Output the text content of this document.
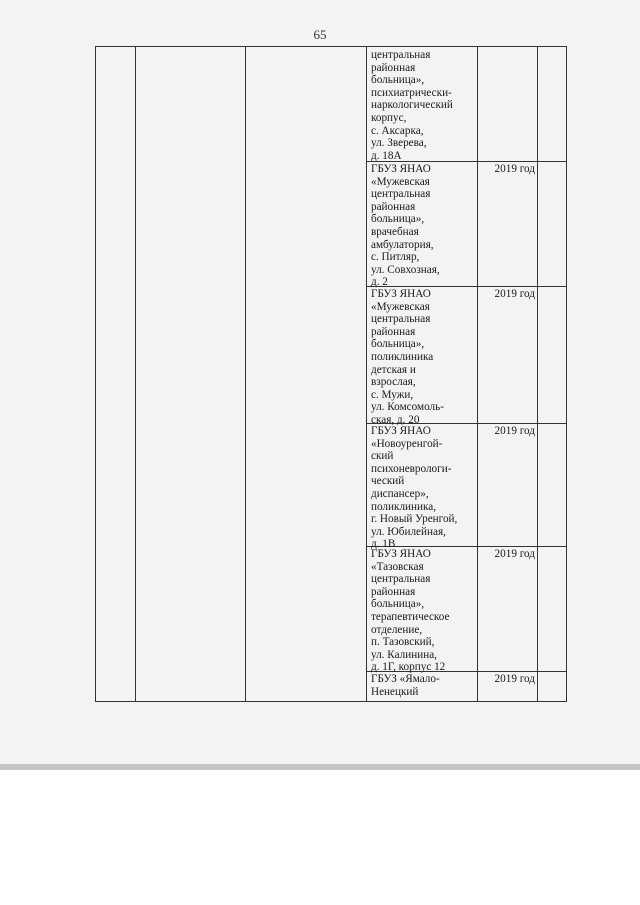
65
центральная
районная
больница»,
психиатрически-
наркологический
корпус,
с. Аксарка,
ул. Зверева,
д. 18А
ГБУЗ ЯНАО
«Мужевская
центральная
районная
больница»,
врачебная
амбулатория,
с. Питляр,
ул. Совхозная,
д. 2
2019 год
ГБУЗ ЯНАО
«Мужевская
центральная
районная
больница»,
поликлиника
детская и
взрослая,
с. Мужи,
ул. Комсомоль-
ская, д. 20
2019 год
ГБУЗ ЯНАО
«Новоуренгой-
ский
психоневрологи-
ческий
диспансер»,
поликлиника,
г. Новый Уренгой,
ул. Юбилейная,
д. 1В
2019 год
ГБУЗ ЯНАО
«Тазовская
центральная
районная
больница»,
терапевтическое
отделение,
п. Тазовский,
ул. Калинина,
д. 1Г, корпус 12
2019 год
ГБУЗ «Ямало-
Ненецкий
2019 год
